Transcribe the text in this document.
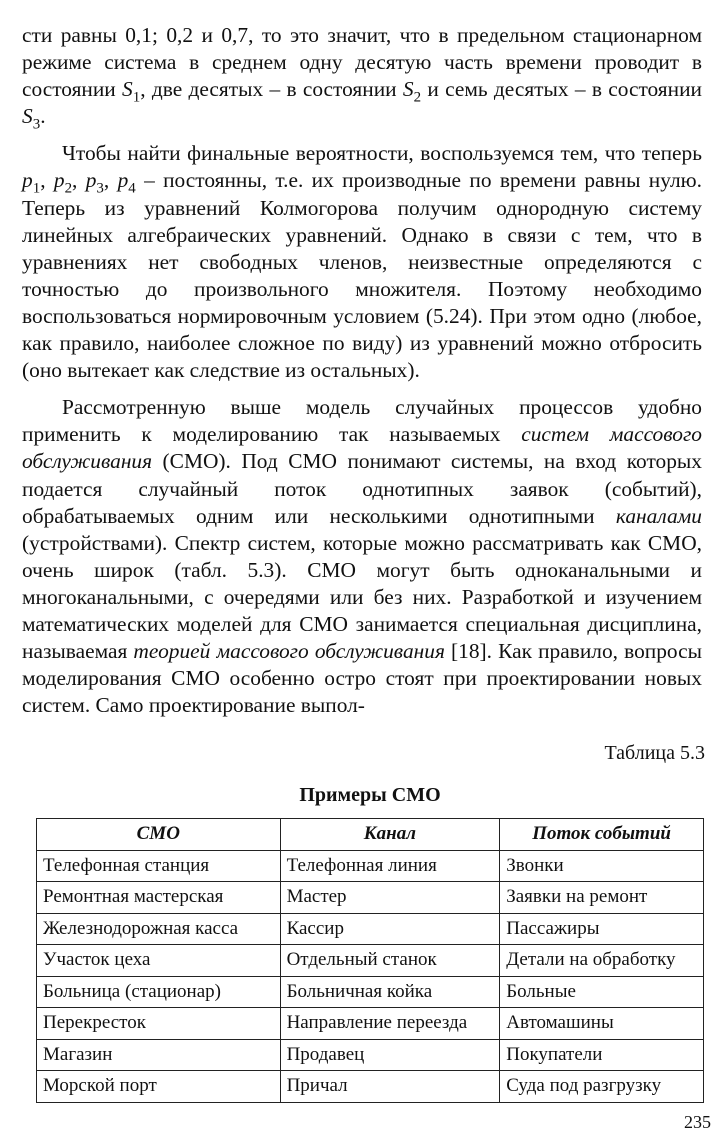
сти равны 0,1; 0,2 и 0,7, то это значит, что в предельном стационарном режиме система в среднем одну десятую часть времени проводит в состоянии $S_1$, две десятых – в состоянии $S_2$ и семь десятых – в состоянии $S_3$.

Чтобы найти финальные вероятности, воспользуемся тем, что теперь $p_1$, $p_2$, $p_3$, $p_4$ – постоянны, т.е. их производные по времени равны нулю. Теперь из уравнений Колмогорова получим однородную систему линейных алгебраических уравнений. Однако в связи с тем, что в уравнениях нет свободных членов, неизвестные определяются с точностью до произвольного множителя. Поэтому необходимо воспользоваться нормировочным условием (5.24). При этом одно (любое, как правило, наиболее сложное по виду) из уравнений можно отбросить (оно вытекает как следствие из остальных).

Рассмотренную выше модель случайных процессов удобно применить к моделированию так называемых систем массового обслуживания (СМО). Под СМО понимают системы, на вход которых подается случайный поток однотипных заявок (событий), обрабатываемых одним или несколькими однотипными каналами (устройствами). Спектр систем, которые можно рассматривать как СМО, очень широк (табл. 5.3). СМО могут быть одноканальными и многоканальными, с очередями или без них. Разработкой и изучением математических моделей для СМО занимается специальная дисциплина, называемая теорией массового обслуживания [18]. Как правило, вопросы моделирования СМО особенно остро стоят при проектировании новых систем. Само проектирование выпол-

Таблица 5.3
Примеры СМО
СМО	Канал	Поток событий
Телефонная станция	Телефонная линия	Звонки
Ремонтная мастерская	Мастер	Заявки на ремонт
Железнодорожная касса	Кассир	Пассажиры
Участок цеха	Отдельный станок	Детали на обработку
Больница (стационар)	Больничная койка	Больные
Перекресток	Направление переезда	Автомашины
Магазин	Продавец	Покупатели
Морской порт	Причал	Суда под разгрузку
235
